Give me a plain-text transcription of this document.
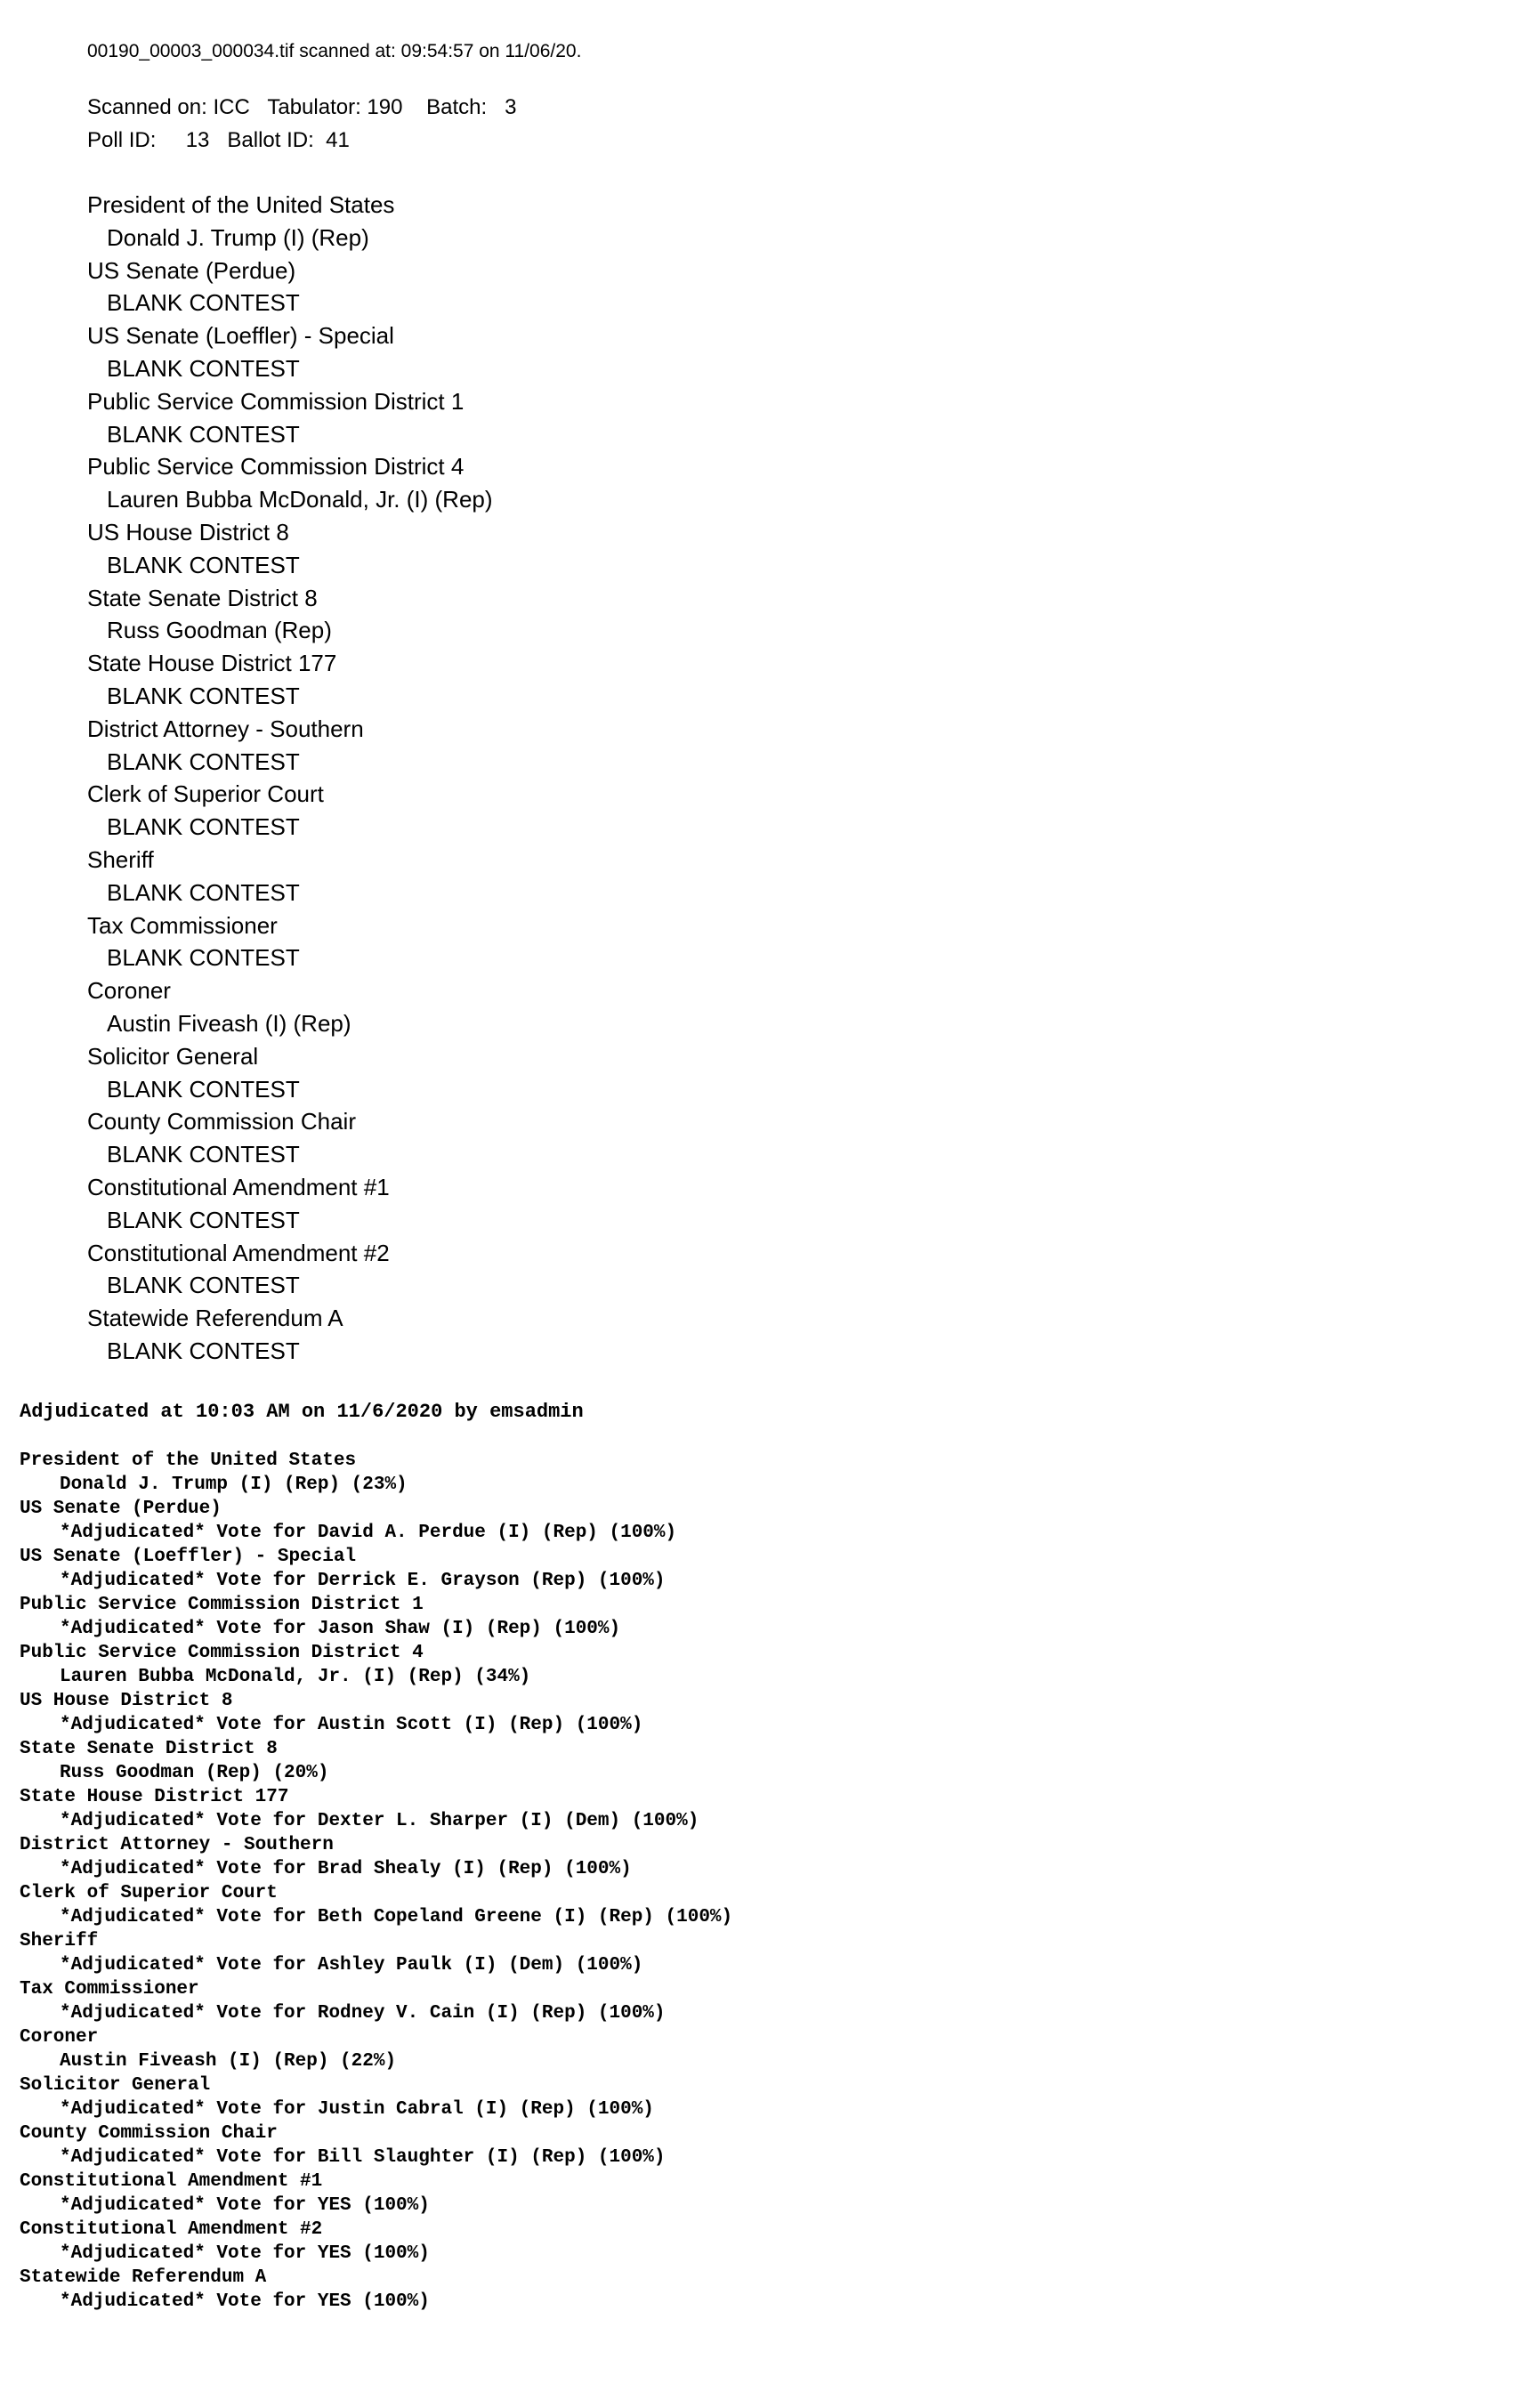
00190_00003_000034.tif scanned at: 09:54:57 on 11/06/20.
Scanned on: ICC   Tabulator: 190    Batch:   3
Poll ID:     13   Ballot ID:  41
President of the United States
Donald J. Trump (I) (Rep)
US Senate (Perdue)
BLANK CONTEST
US Senate (Loeffler) - Special
BLANK CONTEST
Public Service Commission District 1
BLANK CONTEST
Public Service Commission District 4
Lauren Bubba McDonald, Jr. (I) (Rep)
US House District 8
BLANK CONTEST
State Senate District 8
Russ Goodman (Rep)
State House District 177
BLANK CONTEST
District Attorney - Southern
BLANK CONTEST
Clerk of Superior Court
BLANK CONTEST
Sheriff
BLANK CONTEST
Tax Commissioner
BLANK CONTEST
Coroner
Austin Fiveash (I) (Rep)
Solicitor General
BLANK CONTEST
County Commission Chair
BLANK CONTEST
Constitutional Amendment #1
BLANK CONTEST
Constitutional Amendment #2
BLANK CONTEST
Statewide Referendum A
BLANK CONTEST
Adjudicated at 10:03 AM on 11/6/2020 by emsadmin
President of the United States
Donald J. Trump (I) (Rep) (23%)
US Senate (Perdue)
*Adjudicated* Vote for David A. Perdue (I) (Rep) (100%)
US Senate (Loeffler) - Special
*Adjudicated* Vote for Derrick E. Grayson (Rep) (100%)
Public Service Commission District 1
*Adjudicated* Vote for Jason Shaw (I) (Rep) (100%)
Public Service Commission District 4
Lauren Bubba McDonald, Jr. (I) (Rep) (34%)
US House District 8
*Adjudicated* Vote for Austin Scott (I) (Rep) (100%)
State Senate District 8
Russ Goodman (Rep) (20%)
State House District 177
*Adjudicated* Vote for Dexter L. Sharper (I) (Dem) (100%)
District Attorney - Southern
*Adjudicated* Vote for Brad Shealy (I) (Rep) (100%)
Clerk of Superior Court
*Adjudicated* Vote for Beth Copeland Greene (I) (Rep) (100%)
Sheriff
*Adjudicated* Vote for Ashley Paulk (I) (Dem) (100%)
Tax Commissioner
*Adjudicated* Vote for Rodney V. Cain (I) (Rep) (100%)
Coroner
Austin Fiveash (I) (Rep) (22%)
Solicitor General
*Adjudicated* Vote for Justin Cabral (I) (Rep) (100%)
County Commission Chair
*Adjudicated* Vote for Bill Slaughter (I) (Rep) (100%)
Constitutional Amendment #1
*Adjudicated* Vote for YES (100%)
Constitutional Amendment #2
*Adjudicated* Vote for YES (100%)
Statewide Referendum A
*Adjudicated* Vote for YES (100%)
